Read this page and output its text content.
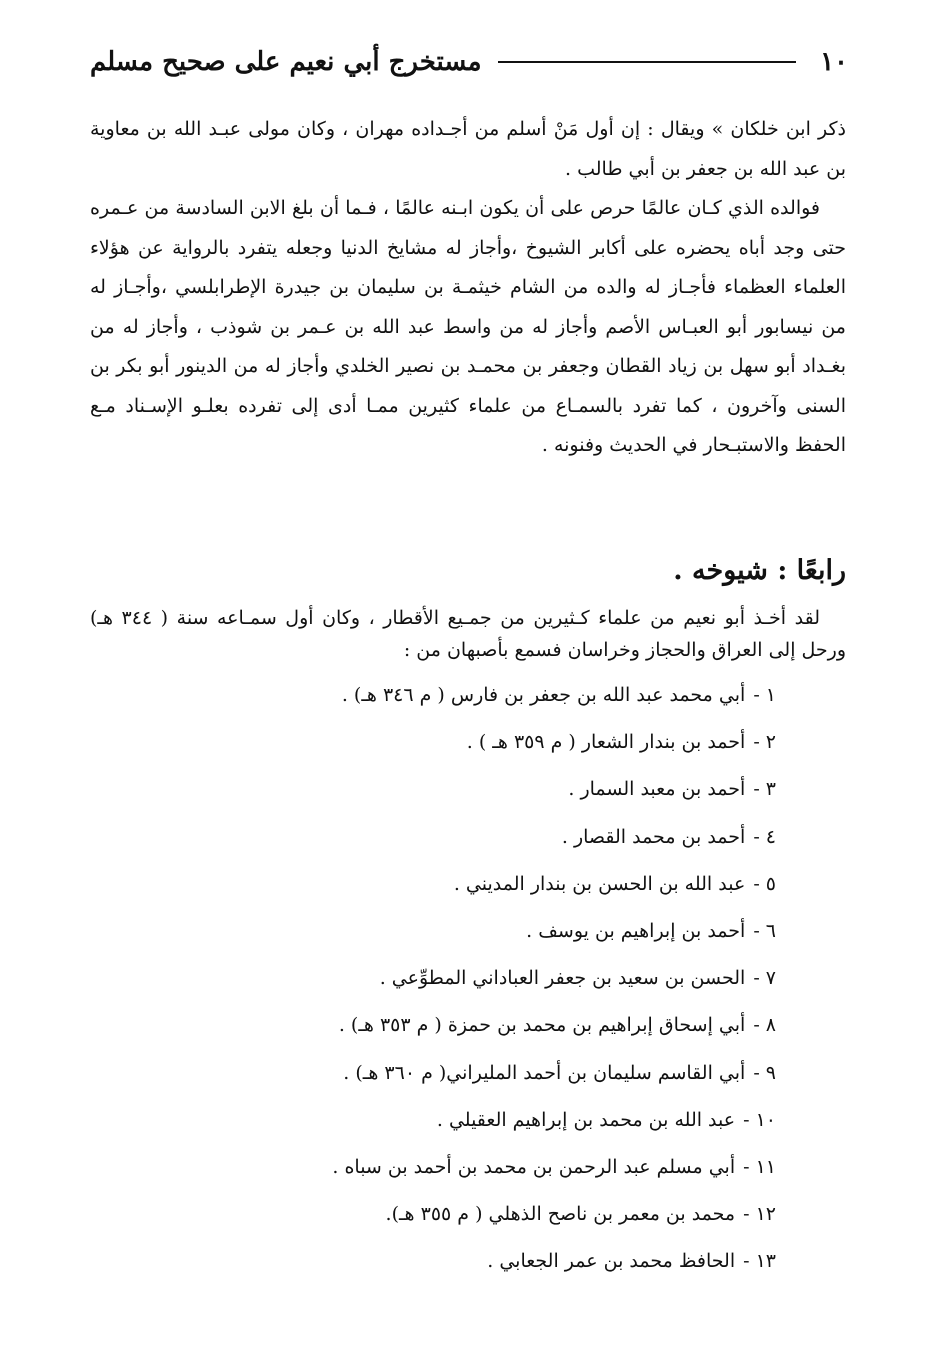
١٠
مستخرج أبي نعيم على صحيح مسلم

ذكر ابن خلكان » ويقال : إن أول مَنْ أسلم من أجـداده مهران ، وكان مولى عبـد الله بن معاوية بن عبد الله بن جعفر بن أبي طالب .

فوالده الذي كـان عالمًا حرص على أن يكون ابـنه عالمًا ، فـما أن بلغ الابن السادسة من عـمره حتى وجد أباه يحضره على أكابر الشيوخ ،وأجاز له مشايخ الدنيا وجعله يتفرد بالرواية عن هؤلاء العلماء العظماء فأجـاز له والده من الشام خيثمـة بن سليمان بن جيدرة الإطرابلسي ،وأجـاز له من نيسابور أبو العبـاس الأصم وأجاز له من واسط عبد الله بن عـمر بن شوذب ، وأجاز له من بغـداد أبو سهل بن زياد القطان وجعفر بن محمـد بن نصير الخلدي وأجاز له من الدينور أبو بكر بن السنى وآخرون ، كما تفرد بالسمـاع من علماء كثيرين ممـا أدى إلى تفرده بعلـو الإسـناد مـع الحفظ والاستبـحار في الحديث وفنونه .

رابعًا : شيوخه .

لقد أخـذ أبو نعيم من علماء كـثيرين من جمـيع الأقطار ، وكان أول سمـاعه سنة ( ٣٤٤ هـ) ورحل إلى العراق والحجاز وخراسان فسمع بأصبهان من :

١ -أبي محمد عبد الله بن جعفر بن فارس ( م ٣٤٦ هـ) .
٢ -أحمد بن بندار الشعار ( م ٣٥٩ هـ ) .
٣ -أحمد بن معبد السمار .
٤ -أحمد بن محمد القصار .
٥ -عبد الله بن الحسن بن بندار المديني .
٦ -أحمد بن إبراهيم بن يوسف .
٧ -الحسن بن سعيد بن جعفر العباداني المطوِّعي .
٨ -أبي إسحاق إبراهيم بن محمد بن حمزة ( م ٣٥٣ هـ) .
٩ -أبي القاسم سليمان بن أحمد المليراني( م ٣٦٠ هـ) .
١٠ -عبد الله بن محمد بن إبراهيم العقيلي .
١١ -أبي مسلم عبد الرحمن بن محمد بن أحمد بن سباه .
١٢ -محمد بن معمر بن ناصح الذهلي ( م ٣٥٥ هـ).
١٣ -الحافظ محمد بن عمر الجعابي .
